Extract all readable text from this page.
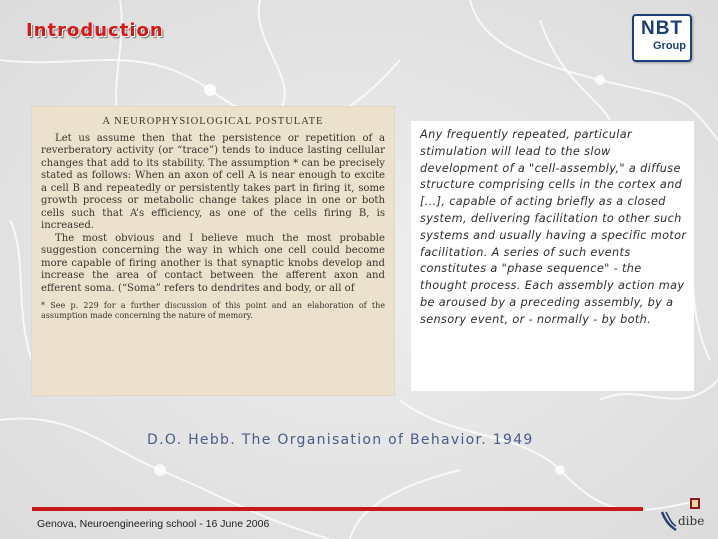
Introduction	NBT
Group
A NEUROPHYSIOLOGICAL POSTULATE

Let us assume then that the persistence or repetition of a reverberatory activity (or “trace”) tends to induce lasting cellular changes that add to its stability. The assumption * can be precisely stated as follows: When an axon of cell A is near enough to excite a cell B and repeatedly or persistently takes part in firing it, some growth process or metabolic change takes place in one or both cells such that A’s efficiency, as one of the cells firing B, is increased.

The most obvious and I believe much the most probable suggestion concerning the way in which one cell could become more capable of firing another is that synaptic knobs develop and increase the area of contact between the afferent axon and efferent soma. (“Soma” refers to dendrites and body, or all of

* See p. 229 for a further discussion of this point and an elaboration of the assumption made concerning the nature of memory.

Any frequently repeated, particular stimulation will lead to the slow development of a "cell-assembly," a diffuse structure comprising cells in the cortex and [...], capable of acting briefly as a closed system, delivering facilitation to other such systems and usually having a specific motor facilitation. A series of such events constitutes a "phase sequence" - the thought process. Each assembly action may be aroused by a preceding assembly, by a sensory event, or - normally - by both.
D.O. Hebb. The Organisation of Behavior. 1949
Genova, Neuroengineering school - 16 June 2006	dibe
